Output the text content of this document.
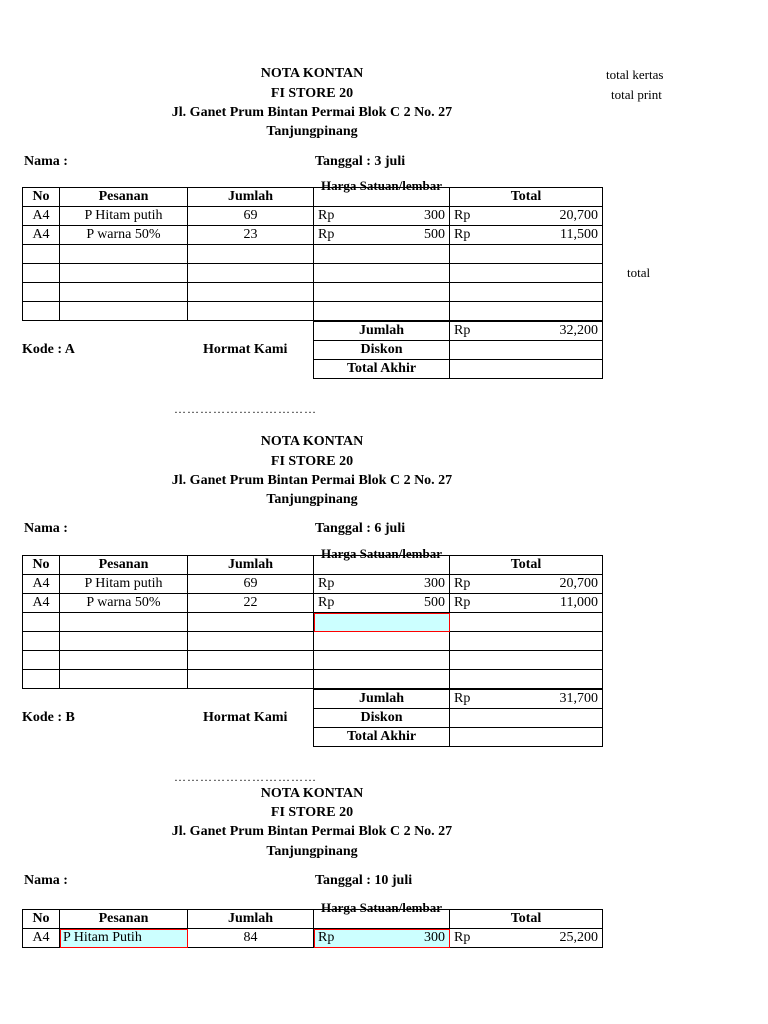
total kertas
total print
total
NOTA KONTAN
FI STORE 20
Jl. Ganet Prum Bintan Permai Blok C 2 No. 27
Tanjungpinang
Nama :	Tanggal : 3 juli
No	Pesanan	Jumlah	Harga Satuan/lembar	Total
A4	P Hitam putih	69	Rp 300	Rp 20,700

A4	P warna 50%	23	Rp 500	Rp 11,500

Jumlah	Rp 32,200

Diskon	
Total Akhir	
Kode : A	Hormat Kami
……………………………
NOTA KONTAN
FI STORE 20
Jl. Ganet Prum Bintan Permai Blok C 2 No. 27
Tanjungpinang
Nama :	Tanggal : 6 juli
No	Pesanan	Jumlah	Harga Satuan/lembar	Total
A4	P Hitam putih	69	Rp 300	Rp 20,700

A4	P warna 50%	22	Rp 500	Rp 11,000

Jumlah	Rp 31,700

Diskon	
Total Akhir	
Kode : B	Hormat Kami
……………………………
NOTA KONTAN
FI STORE 20
Jl. Ganet Prum Bintan Permai Blok C 2 No. 27
Tanjungpinang
Nama :	Tanggal : 10 juli
No	Pesanan	Jumlah	Harga Satuan/lembar	Total
A4	P Hitam Putih	84	Rp 300	Rp 25,200
